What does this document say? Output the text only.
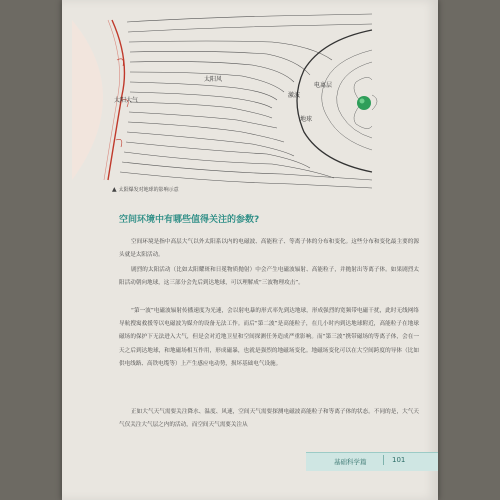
太阳大气
太阳风
电离层
激波
地球
▲ 太阳爆发对地球的影响示意
空间环境中有哪些值得关注的参数?

空间环境是指中高层大气以外太阳系以内的电磁波、高能粒子、等离子体的分布和变化。这些分布和变化最主要的源头就是太阳活动。

剧烈的太阳活动（比如太阳耀斑和日冕物质抛射）中会产生电磁波辐射、高能粒子，并抛射出等离子体。如果剧烈太阳活动朝向地球，这三部分会先后到达地球，可以理解成“三波物理攻击”。

“第一波”电磁波辐射传播速度为光速，会以射电暴的形式率先到达地球，形成强烈的宽频带电磁干扰，此时无线网络导航搜寓救援等以电磁波为媒介的设备无法工作。而后“第二波”是高能粒子，在几小时内到达地球附近，高能粒子在地球磁场的保护下无法进入大气，但是会对近地卫星和空间探测任务造成严重影响。而“第三波”携带磁场的等离子体，会在一天之后到达地球，和地磁场相互作用，形成磁暴，也就是强烈的地磁场变化。地磁场变化可以在大空间跨度的导体（比如供电线路、高铁电缆等）上产生感应电动势，损坏基础电气设施。

正如大气天气需要关注降水、温度、风速，空间天气需要探测电磁波高能粒子和等离子体的状态。不同的是，大气天气仅关注大气层之内的活动，而空间天气需要关注从

基础科学篇	101
